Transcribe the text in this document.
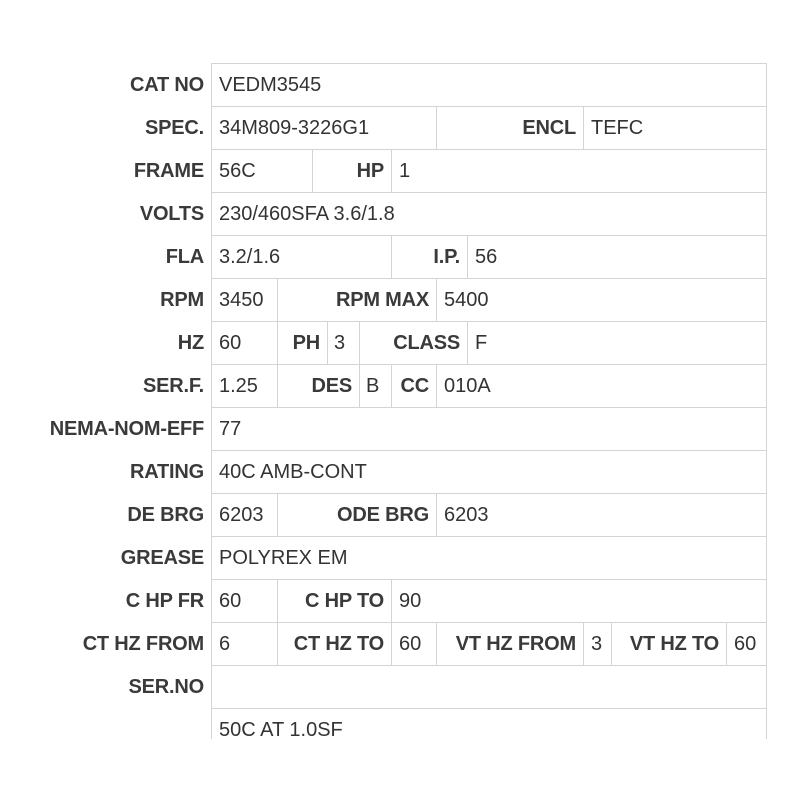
CAT NO VEDM3545
SPEC. 34M809-3226G1	ENCL TEFC
FRAME 56C	HP 1
VOLTS 230/460SFA 3.6/1.8
FLA 3.2/1.6	I.P. 56
RPM 3450	RPM MAX 5400
HZ 60	PH 3	CLASS F
SER.F. 1.25	DES B	CC 010A
NEMA-NOM-EFF 77
RATING 40C AMB-CONT
DE BRG 6203	ODE BRG 6203
GREASE POLYREX EM
C HP FR 60	C HP TO 90
CT HZ FROM 6	CT HZ TO 60	VT HZ FROM 3	VT HZ TO 60
SER.NO
50C AT 1.0SF
